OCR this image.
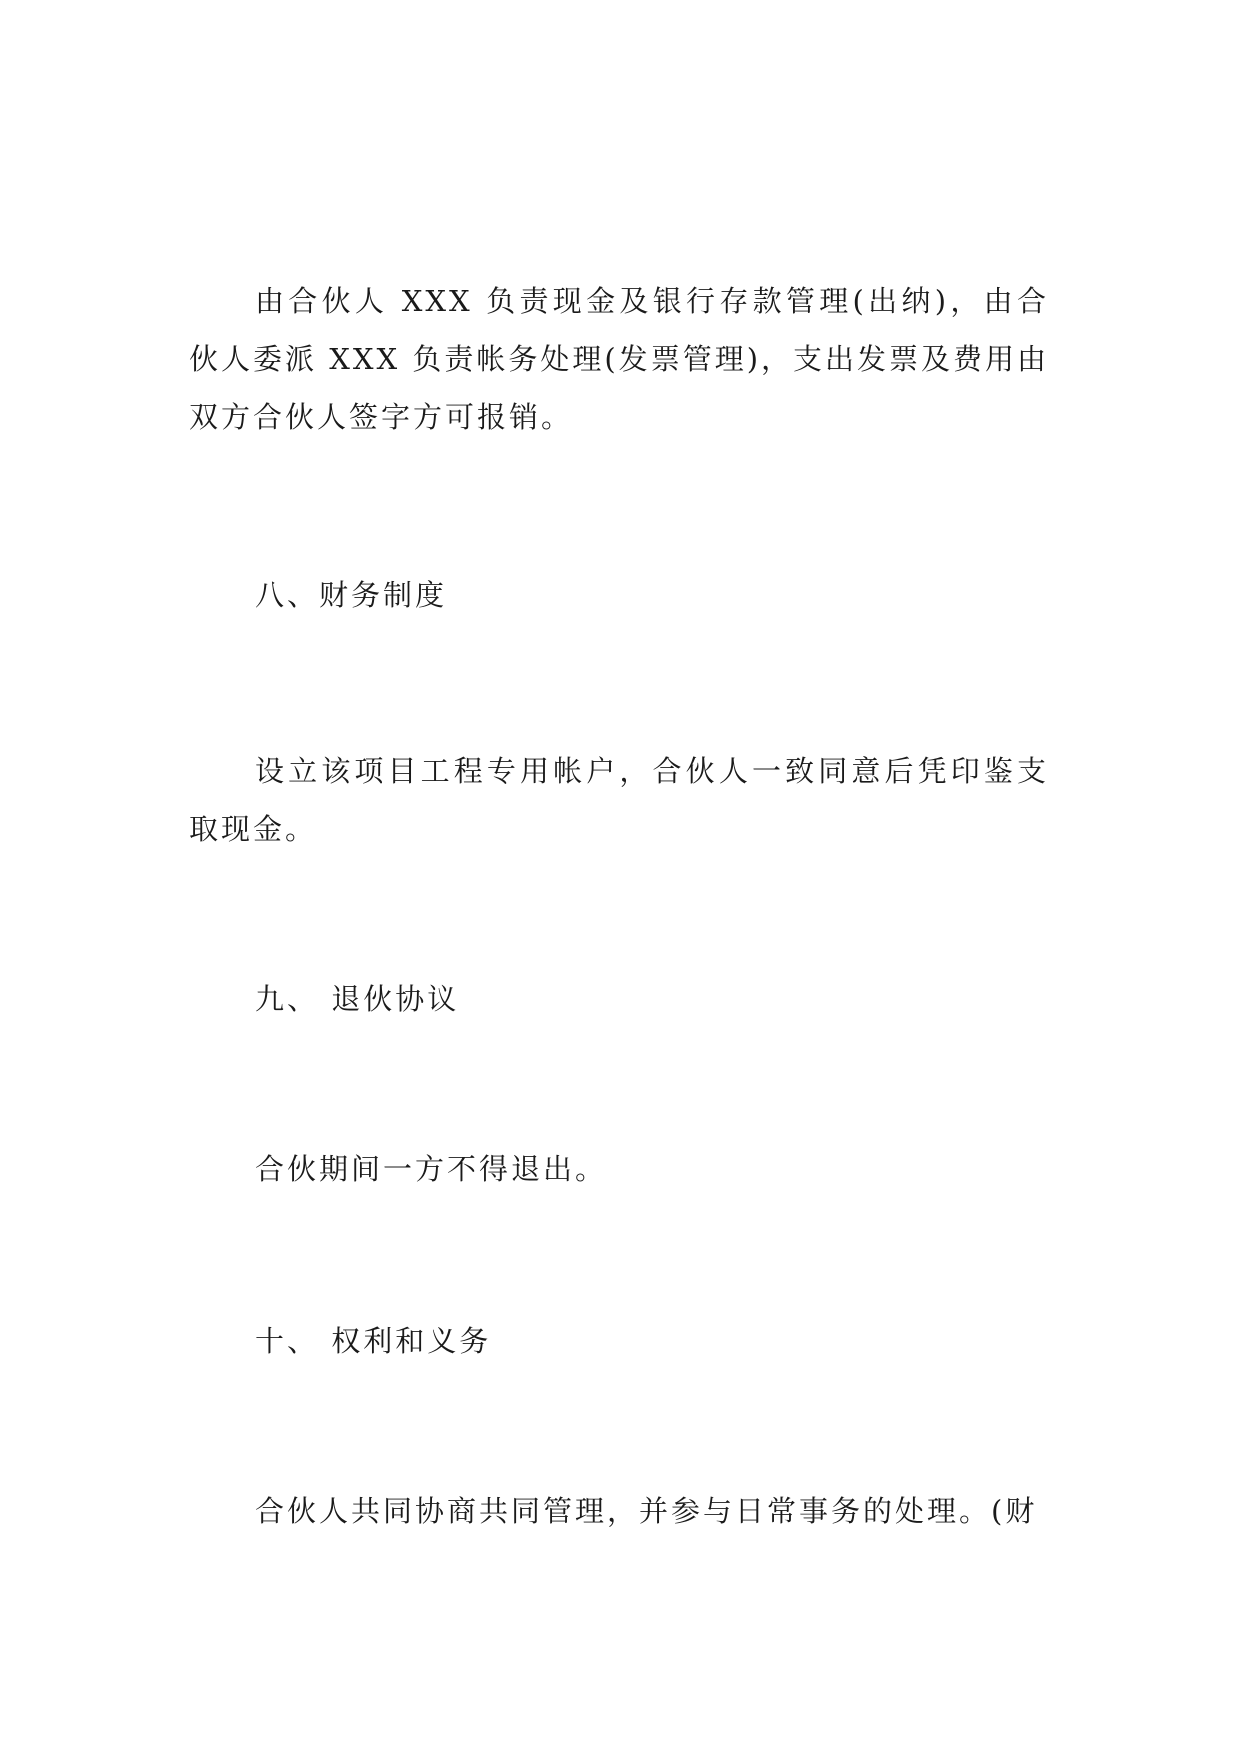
由合伙人 XXX 负责现金及银行存款管理(出纳)，由合伙人委派 XXX 负责帐务处理(发票管理)，支出发票及费用由双方合伙人签字方可报销。

八、财务制度

设立该项目工程专用帐户，合伙人一致同意后凭印鉴支取现金。

九、 退伙协议

合伙期间一方不得退出。

十、 权利和义务

合伙人共同协商共同管理，并参与日常事务的处理。(财
